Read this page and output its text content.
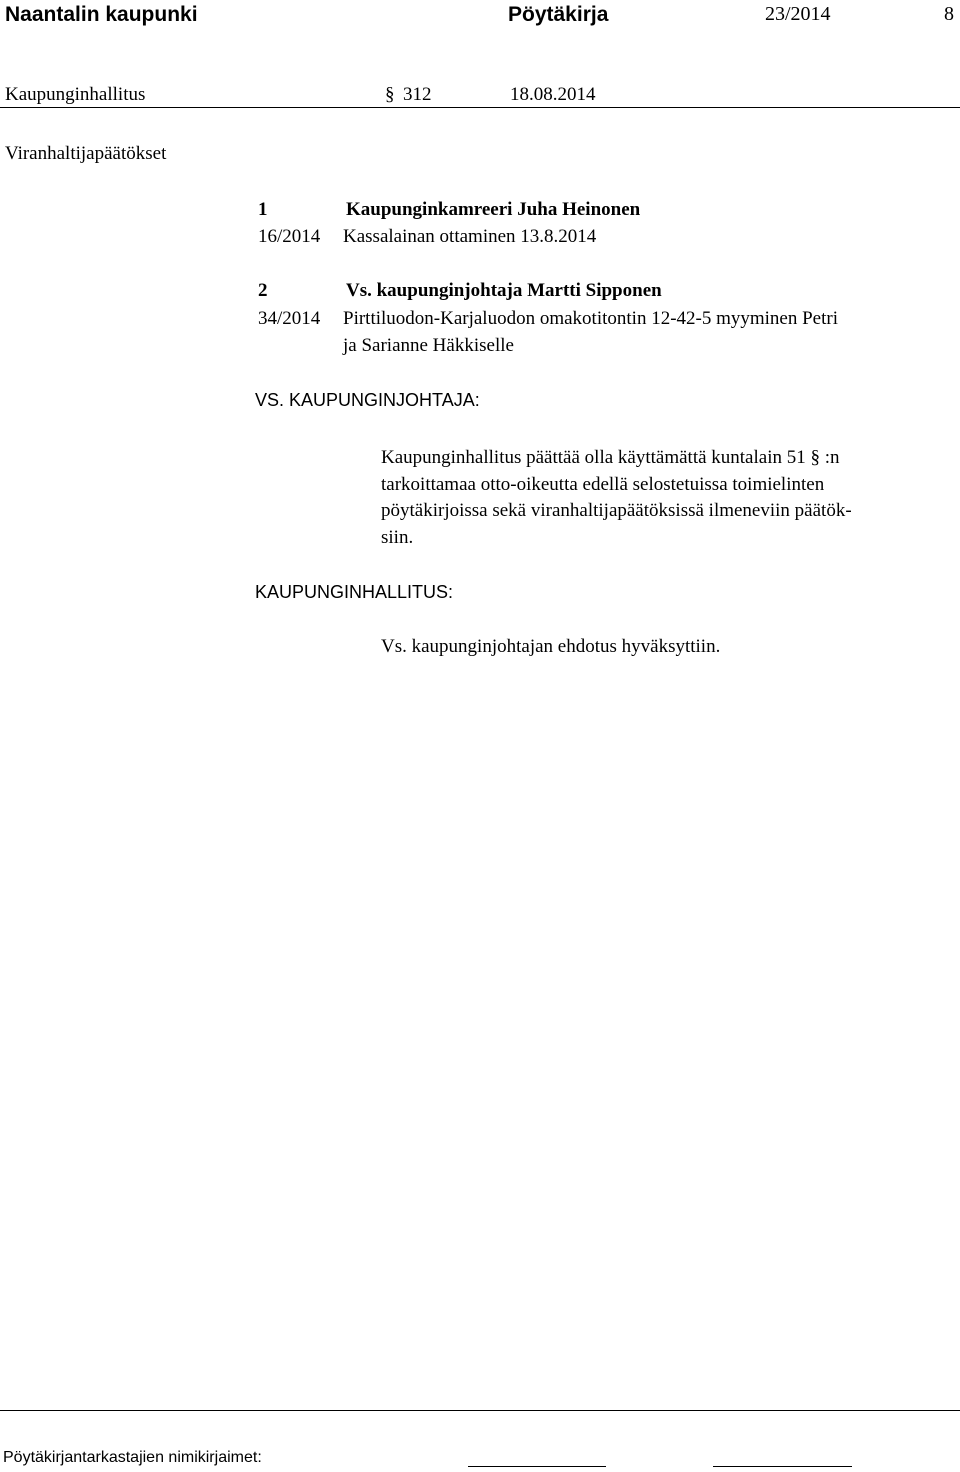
Naantalin kaupunki	Pöytäkirja	23/2014	8
Kaupunginhallitus	§ 312	18.08.2014
Viranhaltijapäätökset
1	Kaupunginkamreeri Juha Heinonen
16/2014 Kassalainan ottaminen 13.8.2014
2	Vs. kaupunginjohtaja Martti Sipponen
34/2014 Pirttiluodon-Karjaluodon omakotitontin 12-42-5 myyminen Petri
ja Sarianne Häkkiselle
VS. KAUPUNGINJOHTAJA:
Kaupunginhallitus päättää olla käyttämättä kuntalain 51 § :n
tarkoittamaa otto-oikeutta edellä selostetuissa toimielinten
pöytäkirjoissa sekä viranhaltijapäätöksissä ilmeneviin päätök-
siin.
KAUPUNGINHALLITUS:
Vs. kaupunginjohtajan ehdotus hyväksyttiin.
Pöytäkirjantarkastajien nimikirjaimet:
